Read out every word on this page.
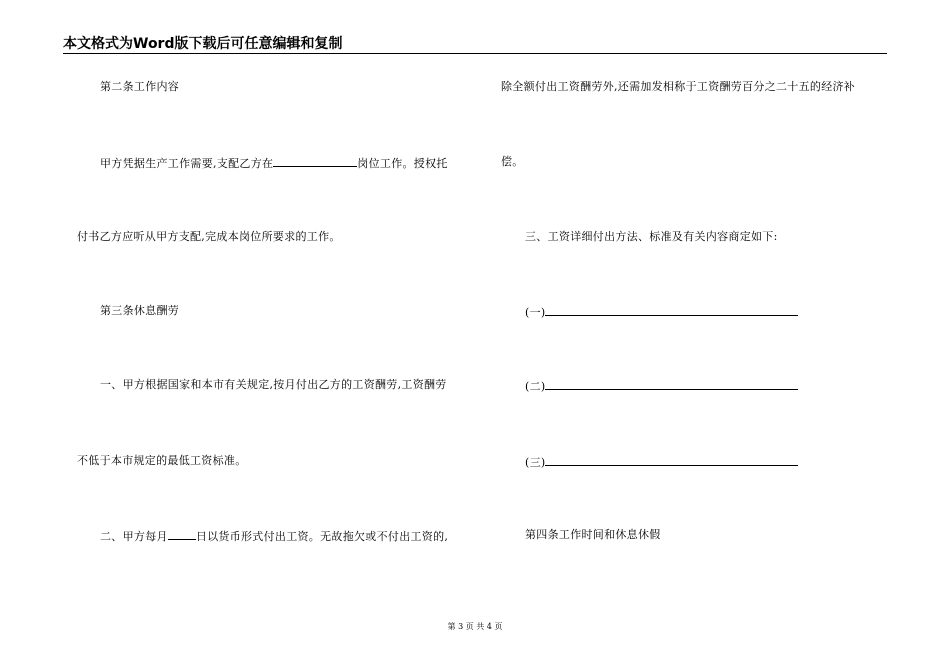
本文格式为Word版下载后可任意编辑和复制
第二条工作内容
甲方凭据生产工作需要,支配乙方在	岗位工作。授权托
付书乙方应听从甲方支配,完成本岗位所要求的工作。
第三条休息酬劳
一、甲方根据国家和本市有关规定,按月付出乙方的工资酬劳,工资酬劳
不低于本市规定的最低工资标准。
二、甲方每月	日以货币形式付出工资。无故拖欠或不付出工资的,
除全额付出工资酬劳外,还需加发相称于工资酬劳百分之二十五的经济补
偿。
三、工资详细付出方法、标准及有关内容商定如下:
(一)
(二)
(三)
第四条工作时间和休息休假
第 3 页 共 4 页
